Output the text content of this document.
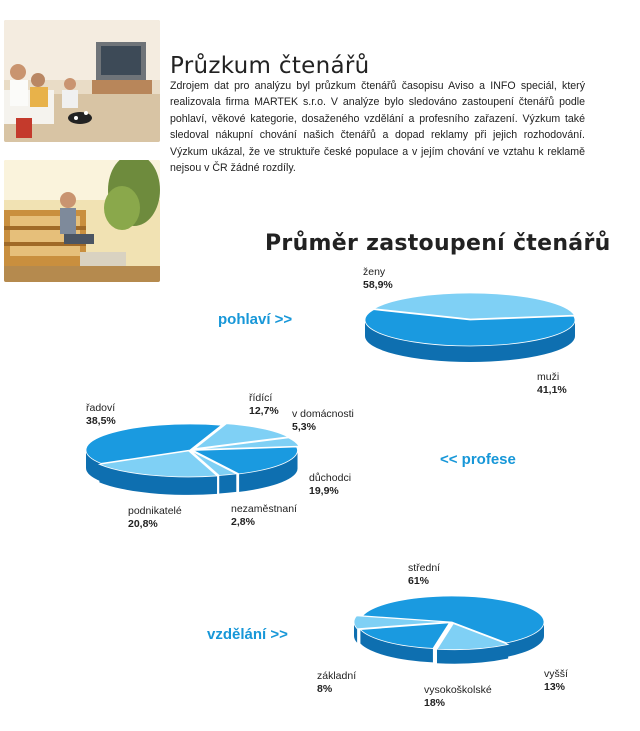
Průzkum čtenářů
Zdrojem dat pro analýzu byl průzkum čtenářů časopisu Aviso a INFO speciál, který realizovala firma MARTEK s.r.o. V analýze bylo sledováno zastoupení čtenářů podle pohlaví, věkové kategorie, dosaženého vzdělání a profesního zařazení. Výzkum také sledoval nákupní chování našich čtenářů a dopad reklamy při jejich rozhodování. Výzkum ukázal, že ve struktuře české populace a v jejím chování ve vztahu k reklamě nejsou v ČR žádné rozdíly.
Průměr zastoupení čtenářů
pohlaví >>
<< profese
vzdělání >>
ženy
58,9%
muži
41,1%
řadoví
38,5%
řídící
12,7% v domácnosti
5,3%
důchodci
19,9%
nezaměstnaní
2,8%
podnikatelé
20,8%
střední
61%
vyšší
13%
vysokoškolské
18%
základní
8%
